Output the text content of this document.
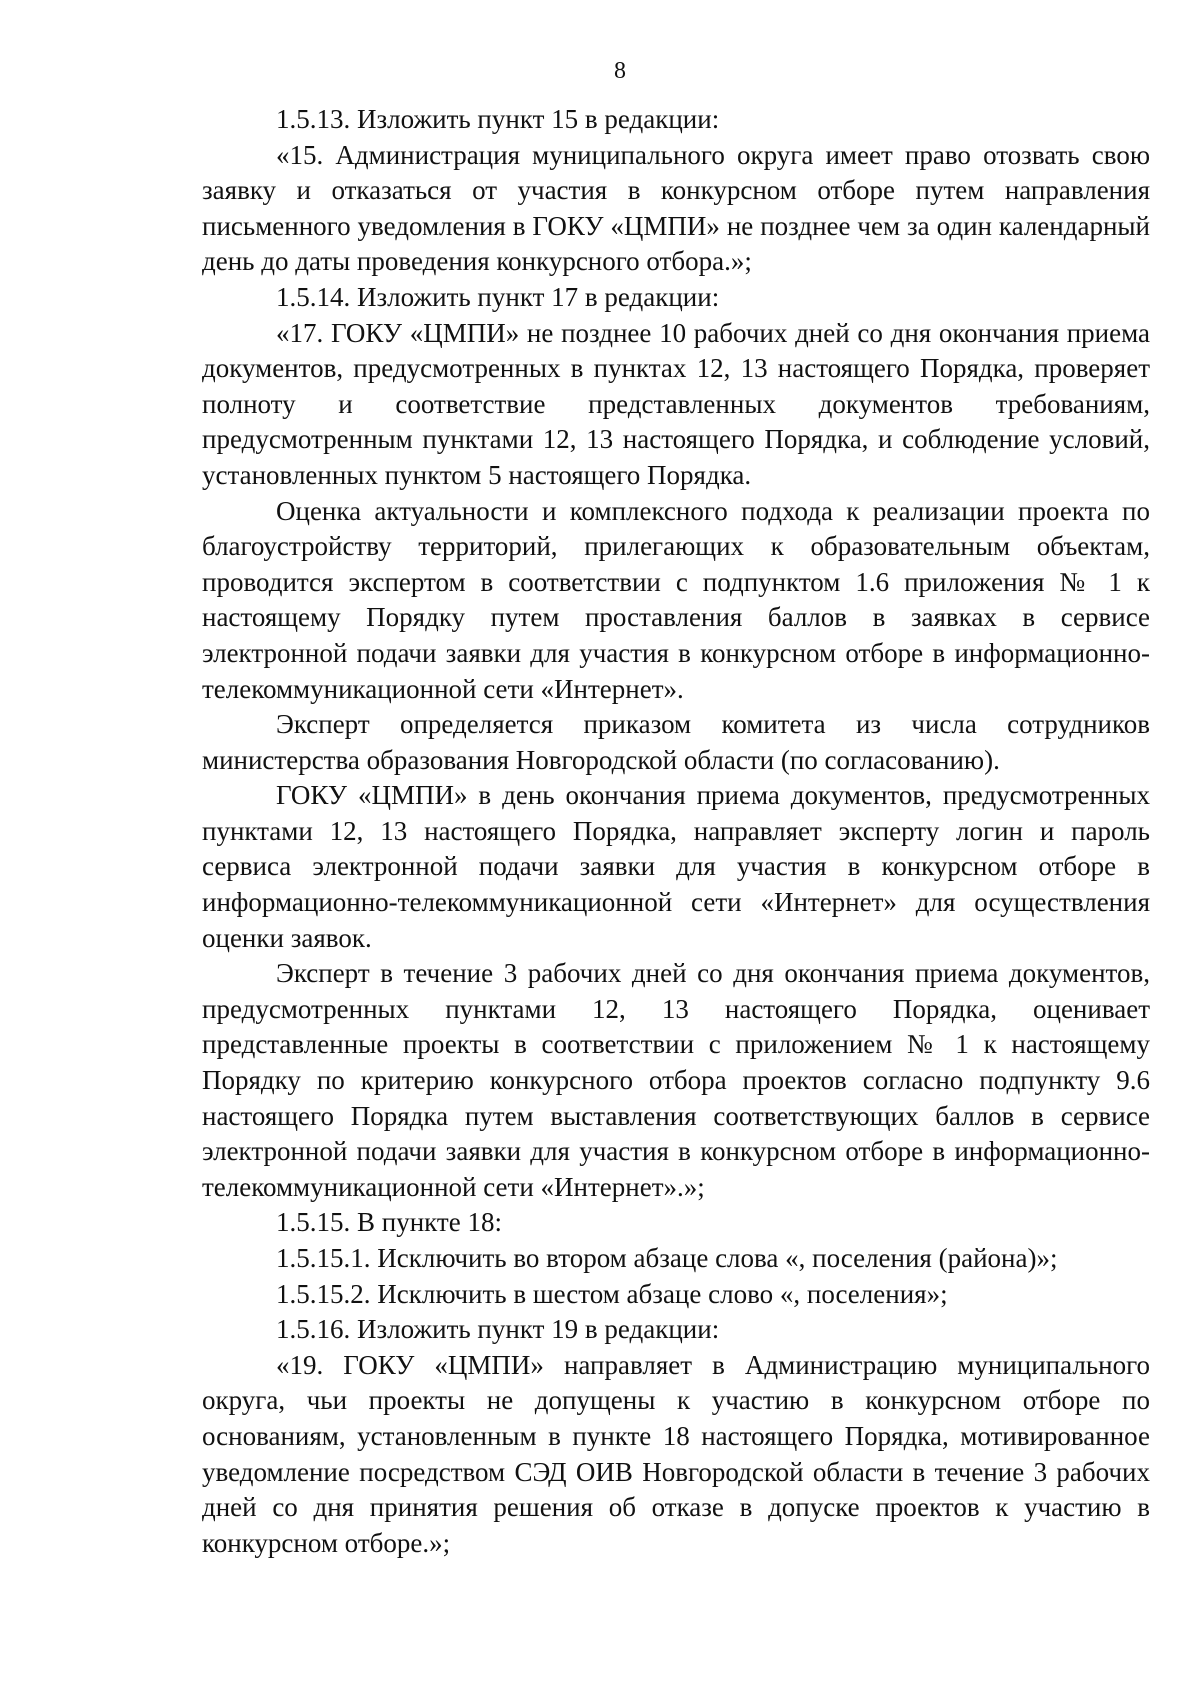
8

1.5.13. Изложить пункт 15 в редакции:

«15. Администрация муниципального округа имеет право отозвать свою заявку и отказаться от участия в конкурсном отборе путем направления письменного уведомления в ГОКУ «ЦМПИ» не позднее чем за один календарный день до даты проведения конкурсного отбора.»;

1.5.14. Изложить пункт 17 в редакции:

«17. ГОКУ «ЦМПИ» не позднее 10 рабочих дней со дня окончания приема документов, предусмотренных в пунктах 12, 13 настоящего Порядка, проверяет полноту и соответствие представленных документов требованиям, предусмотренным пунктами 12, 13 настоящего Порядка, и соблюдение условий, установленных пунктом 5 настоящего Порядка.

Оценка актуальности и комплексного подхода к реализации проекта по благоустройству территорий, прилегающих к образовательным объектам, проводится экспертом в соответствии с подпунктом 1.6 приложения № 1 к настоящему Порядку путем проставления баллов в заявках в сервисе электронной подачи заявки для участия в конкурсном отборе в информационно-телекоммуникационной сети «Интернет».

Эксперт определяется приказом комитета из числа сотрудников министерства образования Новгородской области (по согласованию).

ГОКУ «ЦМПИ» в день окончания приема документов, предусмотренных пунктами 12, 13 настоящего Порядка, направляет эксперту логин и пароль сервиса электронной подачи заявки для участия в конкурсном отборе в информационно-телекоммуникационной сети «Интернет» для осуществления оценки заявок.

Эксперт в течение 3 рабочих дней со дня окончания приема документов, предусмотренных пунктами 12, 13 настоящего Порядка, оценивает представленные проекты в соответствии с приложением № 1 к настоящему Порядку по критерию конкурсного отбора проектов согласно подпункту 9.6 настоящего Порядка путем выставления соответствующих баллов в сервисе электронной подачи заявки для участия в конкурсном отборе в информационно-телекоммуникационной сети «Интернет».»;

1.5.15. В пункте 18:

1.5.15.1. Исключить во втором абзаце слова «, поселения (района)»;

1.5.15.2. Исключить в шестом абзаце слово «, поселения»;

1.5.16. Изложить пункт 19 в редакции:

«19. ГОКУ «ЦМПИ» направляет в Администрацию муниципального округа, чьи проекты не допущены к участию в конкурсном отборе по основаниям, установленным в пункте 18 настоящего Порядка, мотивированное уведомление посредством СЭД ОИВ Новгородской области в течение 3 рабочих дней со дня принятия решения об отказе в допуске проектов к участию в конкурсном отборе.»;
